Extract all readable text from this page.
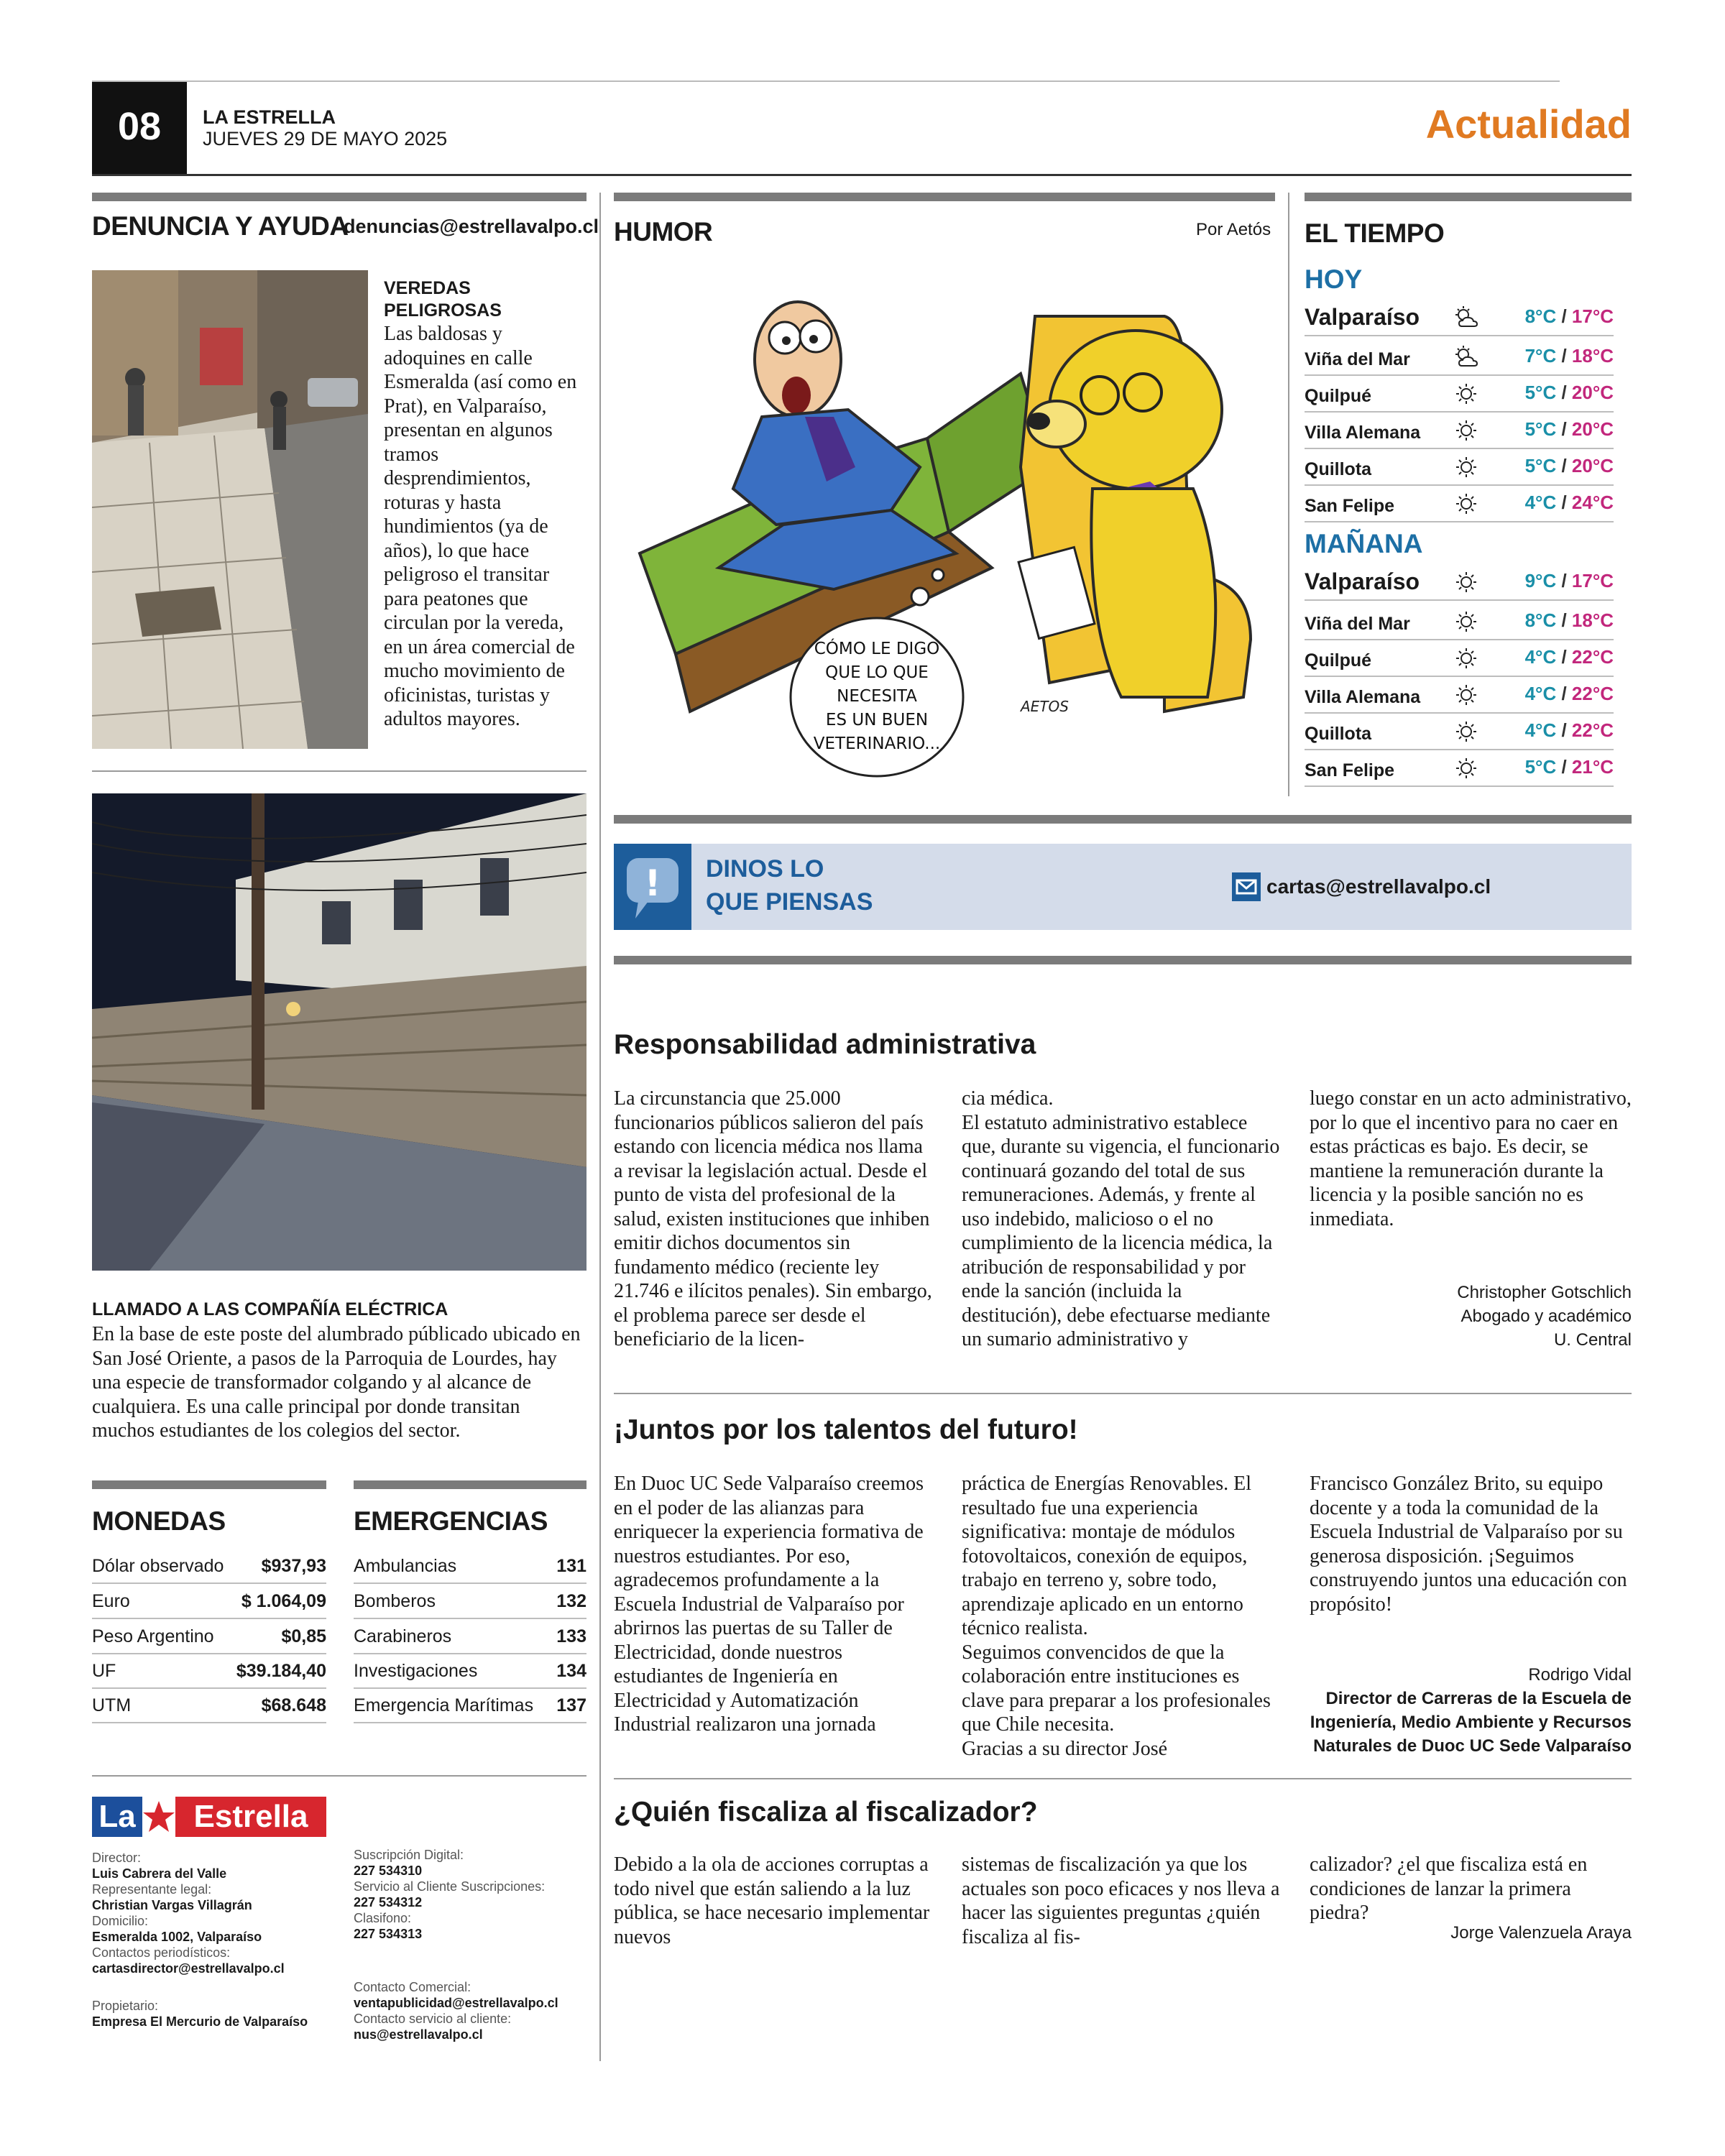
08	LA ESTRELLA
JUEVES 29 DE MAYO 2025	Actualidad
DENUNCIA Y AYUDA
denuncias@estrellavalpo.cl
VEREDAS PELIGROSAS
Las baldosas y adoquines en calle Esmeralda (así como en Prat), en Valparaíso, presentan en algunos tramos desprendimientos, roturas y hasta hundimientos (ya de años), lo que hace peligroso el transitar para peatones que circulan por la vereda, en un área comercial de mucho movimiento de oficinistas, turistas y adultos mayores.
LLAMADO A LAS COMPAÑÍA ELÉCTRICA
En la base de este poste del alumbrado públicado ubicado en San José Oriente, a pasos de la Parroquia de Lourdes, hay una especie de transformador colgando y al alcance de cualquiera. Es una calle principal por donde transitan muchos estudiantes de los colegios del sector.
MONEDAS
Dólar observado $937,93
Euro	$ 1.064,09
Peso Argentino	$0,85
UF	$39.184,40
UTM	$68.648
EMERGENCIAS
Ambulancias	131
Bomberos	132
Carabineros	133
Investigaciones	134
Emergencia Marítimas 137
La	Estrella
Director:
Luis Cabrera del Valle
Representante legal:
Christian Vargas Villagrán
Domicilio:
Esmeralda 1002, Valparaíso
Contactos periodísticos:
cartasdirector@estrellavalpo.cl
Propietario:
Empresa El Mercurio de Valparaíso
Suscripción Digital:
227 534310
Servicio al Cliente Suscripciones:
227 534312
Clasifono:
227 534313
Contacto Comercial:
ventapublicidad@estrellavalpo.cl
Contacto servicio al cliente:
nus@estrellavalpo.cl
HUMOR	Por Aetós
CÓMO LE DIGO
QUE LO QUE
NECESITA
ES UN BUEN
VETERINARIO...
AETOS
EL TIEMPO
HOY
Valparaíso	8°C / 17°C
Viña del Mar	7°C / 18°C
Quilpué	5°C / 20°C
Villa Alemana	5°C / 20°C
Quillota	5°C / 20°C
San Felipe	4°C / 24°C
MAÑANA
Valparaíso	9°C / 17°C
Viña del Mar	8°C / 18°C
Quilpué	4°C / 22°C
Villa Alemana	4°C / 22°C
Quillota	4°C / 22°C
San Felipe	5°C / 21°C
! DINOS LO
QUE PIENSAS
cartas@estrellavalpo.cl
Responsabilidad administrativa
La circunstancia que 25.000 funcionarios públicos salieron del país estando con licencia médica nos llama a revisar la legislación actual. Desde el punto de vista del profesional de la salud, existen instituciones que inhiben emitir dichos documentos sin fundamento médico (reciente ley 21.746 e ilícitos penales). Sin embargo, el problema parece ser desde el beneficiario de la licen-
cia médica.
El estatuto administrativo establece que, durante su vigencia, el funcionario continuará gozando del total de sus remuneraciones. Además, y frente al uso indebido, malicioso o el no cumplimiento de la licencia médica, la atribución de responsabilidad y por ende la sanción (incluida la destitución), debe efectuarse mediante un sumario administrativo y
luego constar en un acto administrativo, por lo que el incentivo para no caer en estas prácticas es bajo. Es decir, se mantiene la remuneración durante la licencia y la posible sanción no es inmediata.
Christopher Gotschlich
Abogado y académico
U. Central
¡Juntos por los talentos del futuro!
En Duoc UC Sede Valparaíso creemos en el poder de las alianzas para enriquecer la experiencia formativa de nuestros estudiantes. Por eso, agradecemos profundamente a la Escuela Industrial de Valparaíso por abrirnos las puertas de su Taller de Electricidad, donde nuestros estudiantes de Ingeniería en Electricidad y Automatización Industrial realizaron una jornada
práctica de Energías Renovables. El resultado fue una experiencia significativa: montaje de módulos fotovoltaicos, conexión de equipos, trabajo en terreno y, sobre todo, aprendizaje aplicado en un entorno técnico realista.
Seguimos convencidos de que la colaboración entre instituciones es clave para preparar a los profesionales que Chile necesita.
Gracias a su director José
Francisco González Brito, su equipo docente y a toda la comunidad de la Escuela Industrial de Valparaíso por su generosa disposición. ¡Seguimos construyendo juntos una educación con propósito!
Rodrigo Vidal
Director de Carreras de la Escuela de
Ingeniería, Medio Ambiente y Recursos
Naturales de Duoc UC Sede Valparaíso
¿Quién fiscaliza al fiscalizador?
Debido a la ola de acciones corruptas a todo nivel que están saliendo a la luz pública, se hace necesario implementar nuevos
sistemas de fiscalización ya que los actuales son poco eficaces y nos lleva a hacer las siguientes preguntas ¿quién fiscaliza al fis-
calizador? ¿el que fiscaliza está en condiciones de lanzar la primera piedra?
Jorge Valenzuela Araya
